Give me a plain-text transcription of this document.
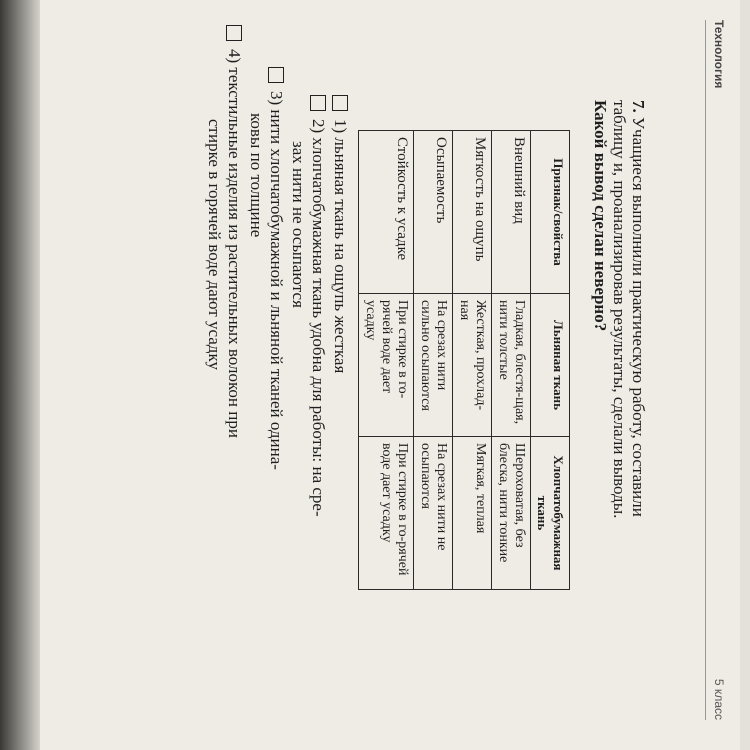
Технология
5 класс
7. Учащиеся выполнили практическую работу, составили
таблицу и, проанализировав результаты, сделали выводы.
Какой вывод сделан неверно?
Признак/свойства	Льняная ткань	Хлопчатобумажная ткань
Внешний вид	Гладкая, блестя-щая, нити толстые	Шероховатая, без блеска, нити тонкие
Мягкость на ощупь	Жесткая, прохлад-ная	Мягкая, теплая
Осыпаемость	На срезах нити сильно осыпаются	На срезах нити не осыпаются
Стойкость к усадке	При стирке в го-рячей воде дает усадку	При стирке в го-рячей воде дает усадку
1) льняная ткань на ощупь жесткая
2) хлопчатобумажная ткань удобна для работы: на сре-
зах нити не осыпаются
3) нити хлопчатобумажной и льняной тканей одина-
ковы по толщине
4) текстильные изделия из растительных волокон при
стирке в горячей воде дают усадку
